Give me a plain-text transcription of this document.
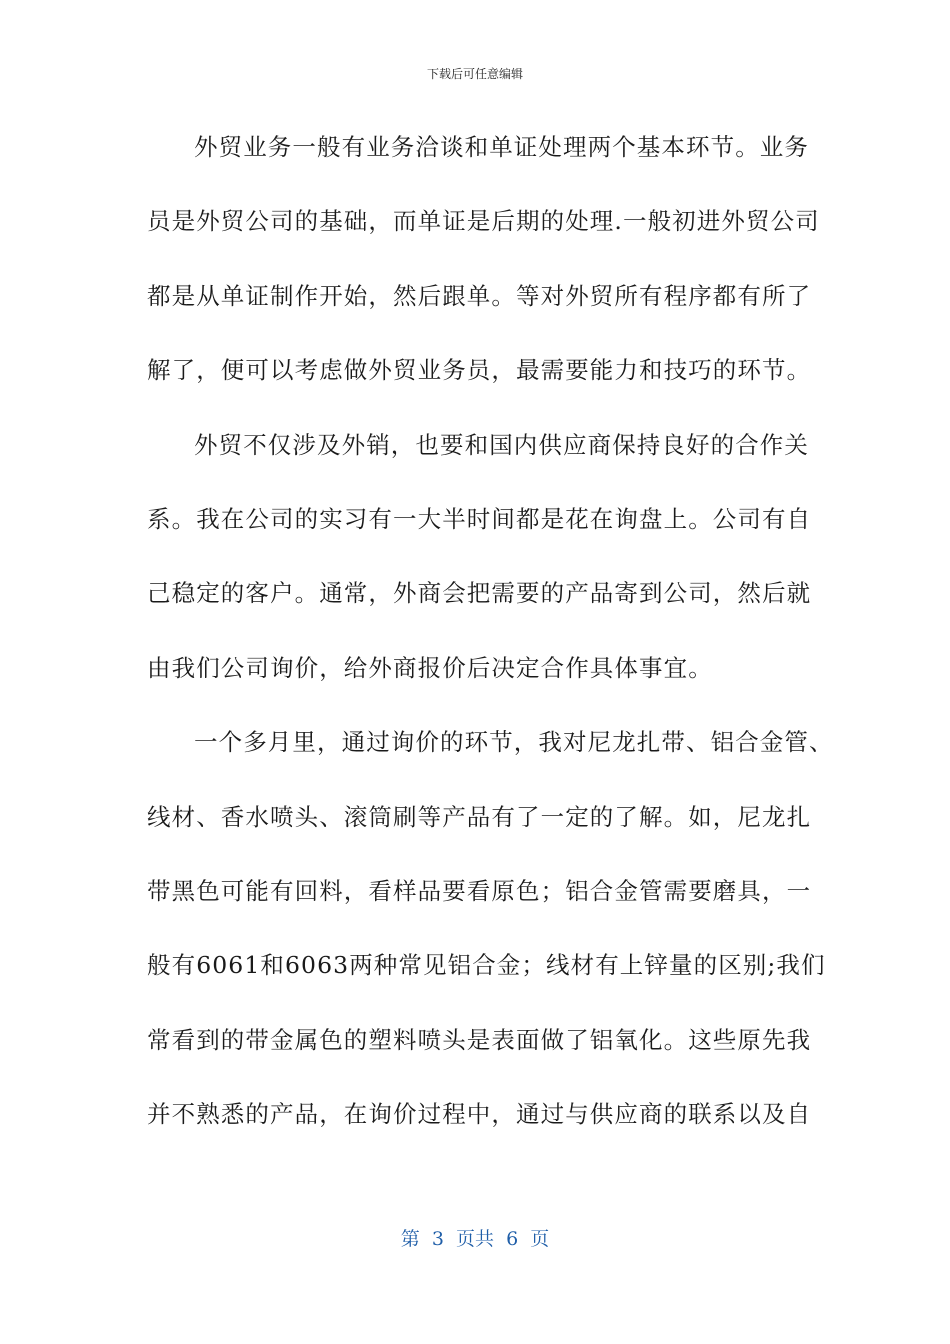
下载后可任意编辑
外贸业务一般有业务洽谈和单证处理两个基本环节。业务
员是外贸公司的基础，而单证是后期的处理.一般初进外贸公司
都是从单证制作开始，然后跟单。等对外贸所有程序都有所了
解了，便可以考虑做外贸业务员，最需要能力和技巧的环节。
外贸不仅涉及外销，也要和国内供应商保持良好的合作关
系。我在公司的实习有一大半时间都是花在询盘上。公司有自
己稳定的客户。通常，外商会把需要的产品寄到公司，然后就
由我们公司询价，给外商报价后决定合作具体事宜。
一个多月里，通过询价的环节，我对尼龙扎带、铝合金管、
线材、香水喷头、滚筒刷等产品有了一定的了解。如，尼龙扎
带黑色可能有回料，看样品要看原色；铝合金管需要磨具，一
般有6061和6063两种常见铝合金；线材有上锌量的区别;我们
常看到的带金属色的塑料喷头是表面做了铝氧化。这些原先我
并不熟悉的产品，在询价过程中，通过与供应商的联系以及自
第  3  页共  6  页
